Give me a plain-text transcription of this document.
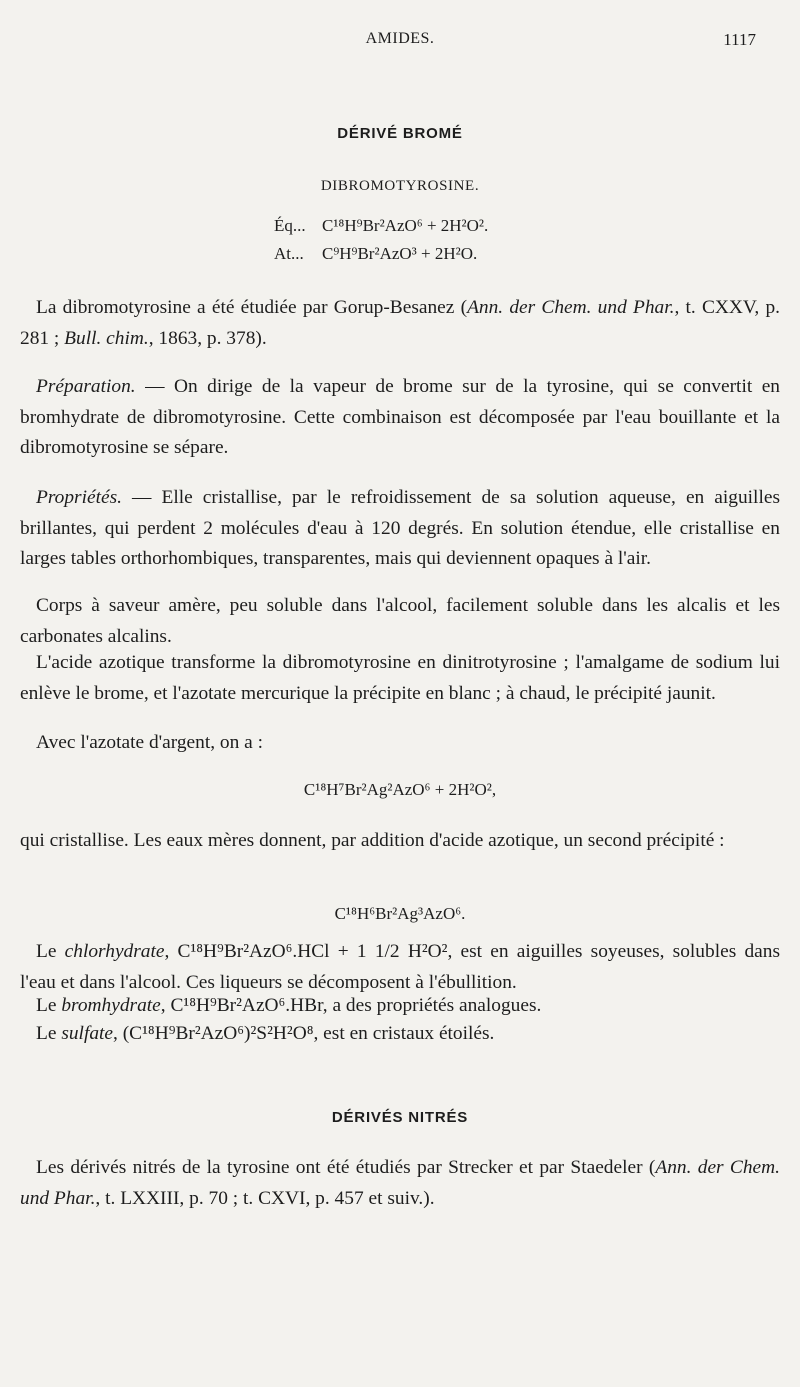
AMIDES.	1117
DÉRIVÉ BROMÉ
DIBROMOTYROSINE.
Éq... C¹⁸H⁹Br²AzO⁶ + 2H²O².
At... C⁹H⁹Br²AzO³ + 2H²O.

La dibromotyrosine a été étudiée par Gorup-Besanez (Ann. der Chem. und Phar., t. CXXV, p. 281 ; Bull. chim., 1863, p. 378).

Préparation. — On dirige de la vapeur de brome sur de la tyrosine, qui se convertit en bromhydrate de dibromotyrosine. Cette combinaison est décomposée par l'eau bouillante et la dibromotyrosine se sépare.

Propriétés. — Elle cristallise, par le refroidissement de sa solution aqueuse, en aiguilles brillantes, qui perdent 2 molécules d'eau à 120 degrés. En solution étendue, elle cristallise en larges tables orthorhombiques, transparentes, mais qui deviennent opaques à l'air.

Corps à saveur amère, peu soluble dans l'alcool, facilement soluble dans les alcalis et les carbonates alcalins.

L'acide azotique transforme la dibromotyrosine en dinitrotyrosine ; l'amalgame de sodium lui enlève le brome, et l'azotate mercurique la précipite en blanc ; à chaud, le précipité jaunit.

Avec l'azotate d'argent, on a :

C¹⁸H⁷Br²Ag²AzO⁶ + 2H²O²,

qui cristallise. Les eaux mères donnent, par addition d'acide azotique, un second précipité :

C¹⁸H⁶Br²Ag³AzO⁶.

Le chlorhydrate, C¹⁸H⁹Br²AzO⁶.HCl + 1 1/2 H²O², est en aiguilles soyeuses, solubles dans l'eau et dans l'alcool. Ces liqueurs se décomposent à l'ébullition.

Le bromhydrate, C¹⁸H⁹Br²AzO⁶.HBr, a des propriétés analogues.

Le sulfate, (C¹⁸H⁹Br²AzO⁶)²S²H²O⁸, est en cristaux étoilés.

DÉRIVÉS NITRÉS

Les dérivés nitrés de la tyrosine ont été étudiés par Strecker et par Staedeler (Ann. der Chem. und Phar., t. LXXIII, p. 70 ; t. CXVI, p. 457 et suiv.).
